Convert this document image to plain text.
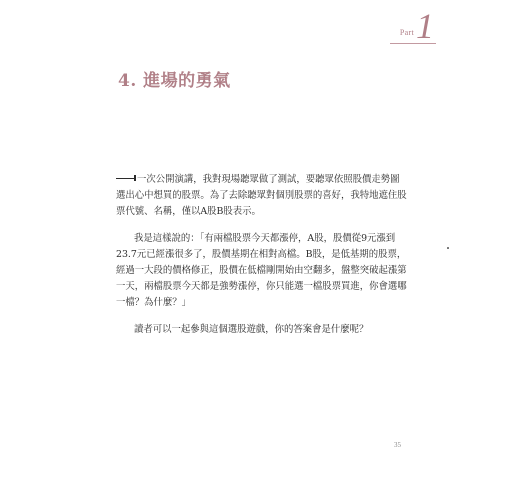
Part 1
4. 進場的勇氣

一次公開演講，我對現場聽眾做了測試，要聽眾依照股價走勢圖選出心中想買的股票。為了去除聽眾對個別股票的喜好，我特地遮住股票代號、名稱，僅以A股B股表示。

我是這樣說的：「有兩檔股票今天都漲停，A股，股價從9元漲到23.7元已經漲很多了，股價基期在相對高檔。B股，是低基期的股票，經過一大段的價格修正，股價在低檔剛開始由空翻多，盤整突破起漲第一天，兩檔股票今天都是強勢漲停，你只能選一檔股票買進，你會選哪一檔？為什麼？」

讀者可以一起參與這個選股遊戲，你的答案會是什麼呢？

35
